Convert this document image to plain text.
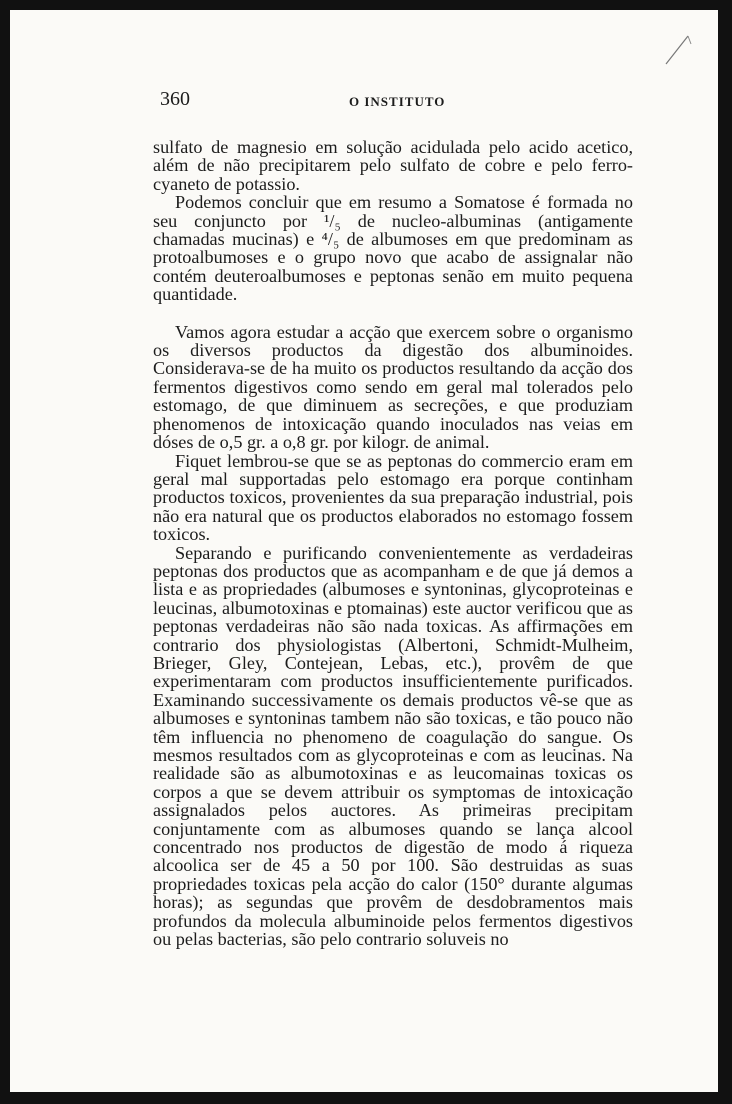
360	O INSTITUTO

sulfato de magnesio em solução acidulada pelo acido acetico, além de não precipitarem pelo sulfato de cobre e pelo ferro-cyaneto de potassio.

Podemos concluir que em resumo a Somatose é formada no seu conjuncto por ¹/₅ de nucleo-albuminas (antigamente chamadas mucinas) e ⁴/₅ de albumoses em que predominam as protoalbumoses e o grupo novo que acabo de assignalar não contém deuteroalbumoses e peptonas senão em muito pequena quantidade.

Vamos agora estudar a acção que exercem sobre o organismo os diversos productos da digestão dos albuminoides. Considerava-se de ha muito os productos resultando da acção dos fermentos digestivos como sendo em geral mal tolerados pelo estomago, de que diminuem as secreções, e que produziam phenomenos de intoxicação quando inoculados nas veias em dóses de o,5 gr. a o,8 gr. por kilogr. de animal.

Fiquet lembrou-se que se as peptonas do commercio eram em geral mal supportadas pelo estomago era porque continham productos toxicos, provenientes da sua preparação industrial, pois não era natural que os productos elaborados no estomago fossem toxicos.

Separando e purificando convenientemente as verdadeiras peptonas dos productos que as acompanham e de que já demos a lista e as propriedades (albumoses e syntoninas, glycoproteinas e leucinas, albumotoxinas e ptomainas) este auctor verificou que as peptonas verdadeiras não são nada toxicas. As affirmações em contrario dos physiologistas (Albertoni, Schmidt-Mulheim, Brieger, Gley, Contejean, Lebas, etc.), provêm de que experimentaram com productos insufficientemente purificados. Examinando successivamente os demais productos vê-se que as albumoses e syntoninas tambem não são toxicas, e tão pouco não têm influencia no phenomeno de coagulação do sangue. Os mesmos resultados com as glycoproteinas e com as leucinas. Na realidade são as albumotoxinas e as leucomainas toxicas os corpos a que se devem attribuir os symptomas de intoxicação assignalados pelos auctores. As primeiras precipitam conjuntamente com as albumoses quando se lança alcool concentrado nos productos de digestão de modo á riqueza alcoolica ser de 45 a 50 por 100. São destruidas as suas propriedades toxicas pela acção do calor (150° durante algumas horas); as segundas que provêm de desdobramentos mais profundos da molecula albuminoide pelos fermentos digestivos ou pelas bacterias, são pelo contrario soluveis no
